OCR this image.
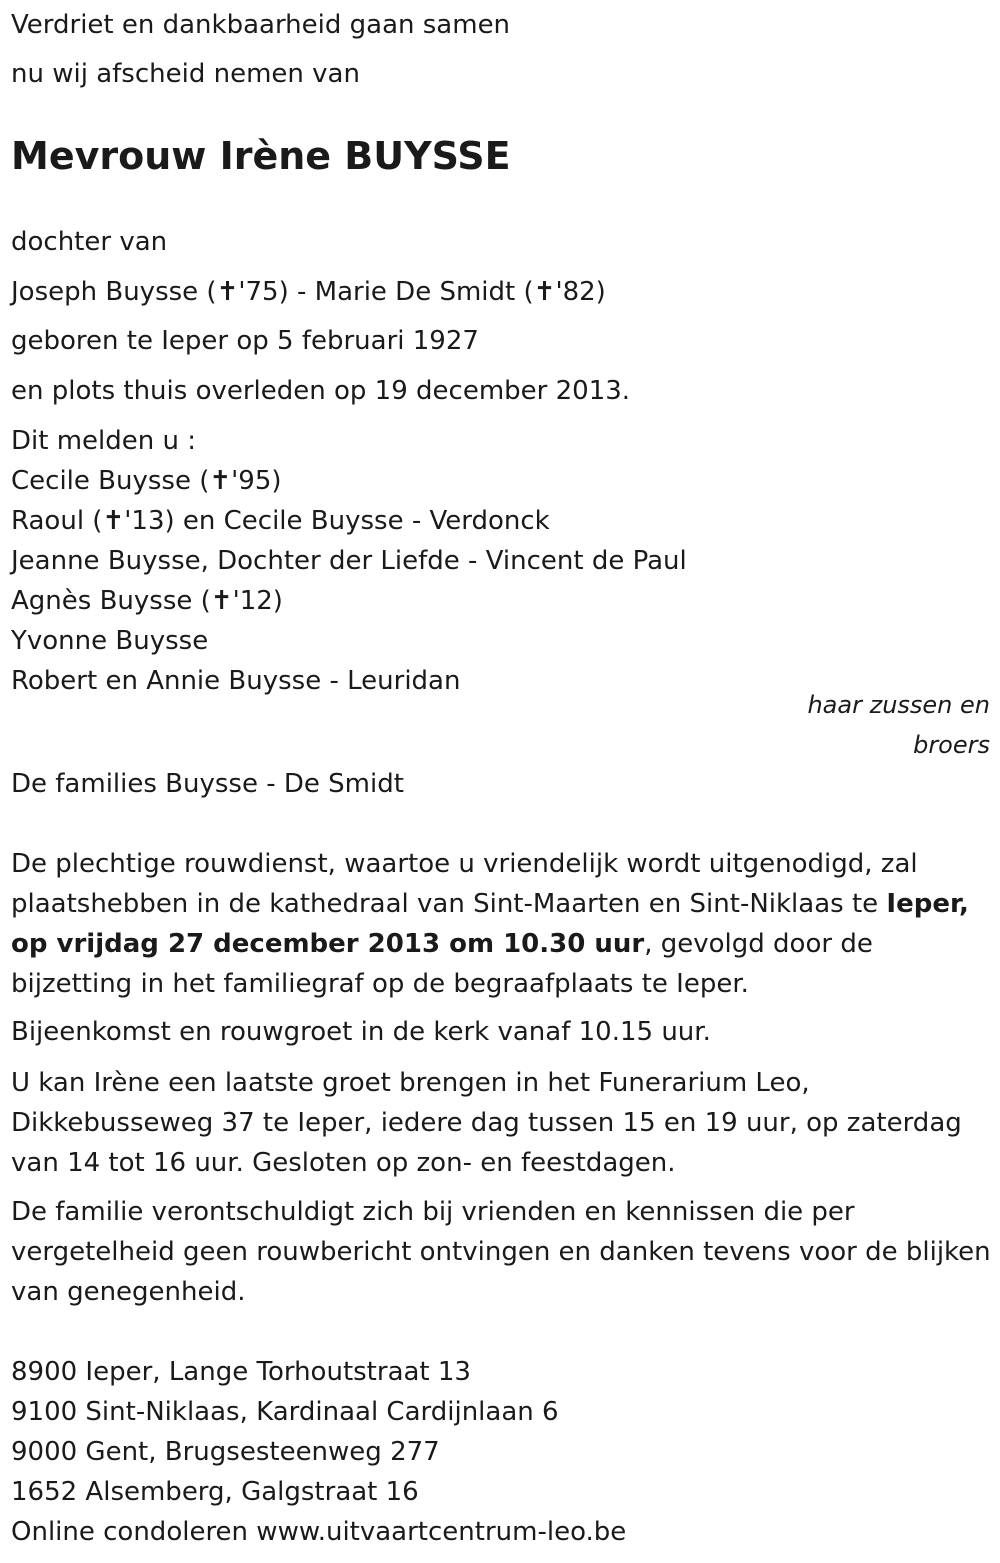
Verdriet en dankbaarheid gaan samen
nu wij afscheid nemen van
Mevrouw Irène BUYSSE
dochter van
Joseph Buysse (✝'75) - Marie De Smidt (✝'82)
geboren te Ieper op 5 februari 1927
en plots thuis overleden op 19 december 2013.
Dit melden u :
Cecile Buysse (✝'95)
Raoul (✝'13) en Cecile Buysse - Verdonck
Jeanne Buysse, Dochter der Liefde - Vincent de Paul
Agnès Buysse (✝'12)
Yvonne Buysse
Robert en Annie Buysse - Leuridan
haar zussen en
broers
De families Buysse - De Smidt
De plechtige rouwdienst, waartoe u vriendelijk wordt uitgenodigd, zal plaatshebben in de kathedraal van Sint-Maarten en Sint-Niklaas te Ieper, op vrijdag 27 december 2013 om 10.30 uur, gevolgd door de bijzetting in het familiegraf op de begraafplaats te Ieper.
Bijeenkomst en rouwgroet in de kerk vanaf 10.15 uur.
U kan Irène een laatste groet brengen in het Funerarium Leo, Dikkebusseweg 37 te Ieper, iedere dag tussen 15 en 19 uur, op zaterdag van 14 tot 16 uur. Gesloten op zon- en feestdagen.
De familie verontschuldigt zich bij vrienden en kennissen die per vergetelheid geen rouwbericht ontvingen en danken tevens voor de blijken van genegenheid.
8900 Ieper, Lange Torhoutstraat 13
9100 Sint-Niklaas, Kardinaal Cardijnlaan 6
9000 Gent, Brugsesteenweg 277
1652 Alsemberg, Galgstraat 16
Online condoleren www.uitvaartcentrum-leo.be
